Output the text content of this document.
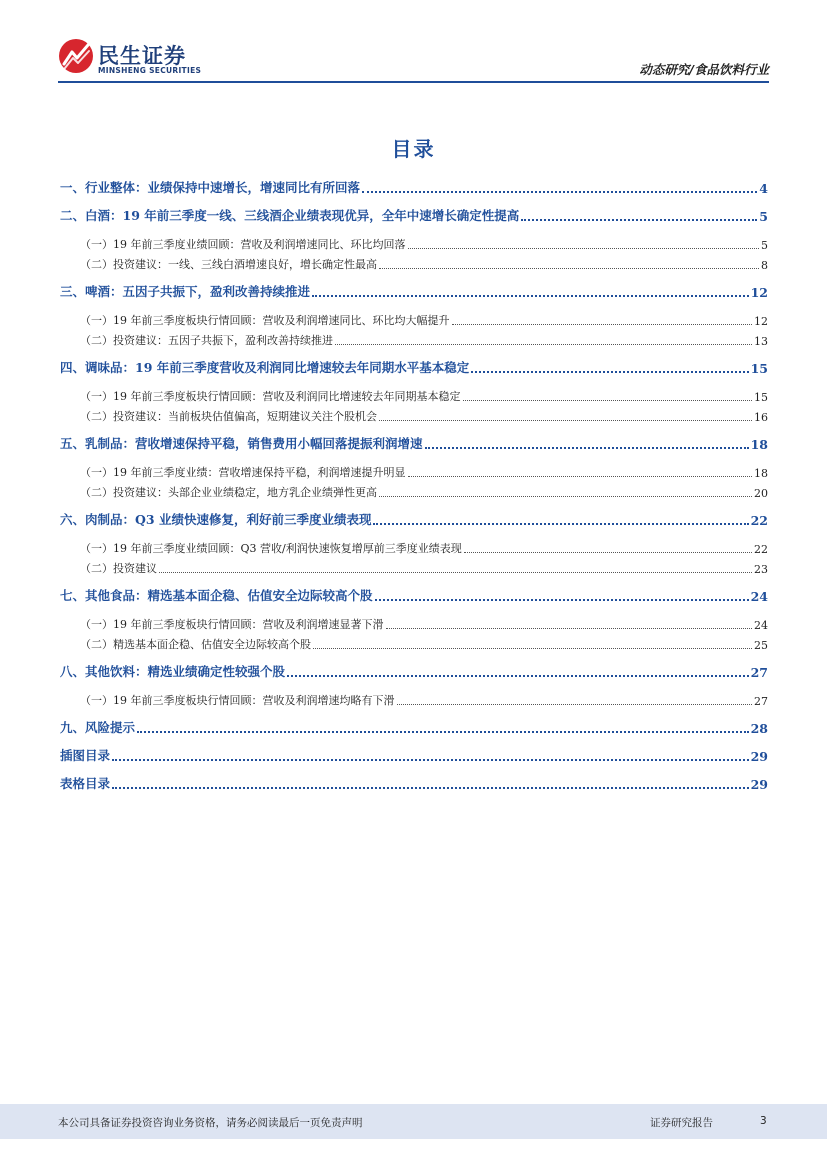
民生证券
MINSHENG SECURITIES	动态研究/食品饮料行业
目录
一、行业整体：业绩保持中速增长，增速同比有所回落	4
二、白酒：19 年前三季度一线、三线酒企业绩表现优异，全年中速增长确定性提高	5
（一）19 年前三季度业绩回顾：营收及利润增速同比、环比均回落	5
（二）投资建议：一线、三线白酒增速良好，增长确定性最高	8
三、啤酒：五因子共振下，盈利改善持续推进	12
（一）19 年前三季度板块行情回顾：营收及利润增速同比、环比均大幅提升	12
（二）投资建议：五因子共振下，盈利改善持续推进	13
四、调味品：19 年前三季度营收及利润同比增速较去年同期水平基本稳定	15
（一）19 年前三季度板块行情回顾：营收及利润同比增速较去年同期基本稳定	15
（二）投资建议：当前板块估值偏高，短期建议关注个股机会	16
五、乳制品：营收增速保持平稳，销售费用小幅回落提振利润增速	18
（一）19 年前三季度业绩：营收增速保持平稳，利润增速提升明显	18
（二）投资建议：头部企业业绩稳定，地方乳企业绩弹性更高	20
六、肉制品：Q3 业绩快速修复，利好前三季度业绩表现	22
（一）19 年前三季度业绩回顾：Q3 营收/利润快速恢复增厚前三季度业绩表现	22
（二）投资建议	23
七、其他食品：精选基本面企稳、估值安全边际较高个股	24
（一）19 年前三季度板块行情回顾：营收及利润增速显著下滑	24
（二）精选基本面企稳、估值安全边际较高个股	25
八、其他饮料：精选业绩确定性较强个股	27
（一）19 年前三季度板块行情回顾：营收及利润增速均略有下滑	27
九、风险提示	28
插图目录	29
表格目录	29
本公司具备证券投资咨询业务资格，请务必阅读最后一页免责声明	证券研究报告	3
